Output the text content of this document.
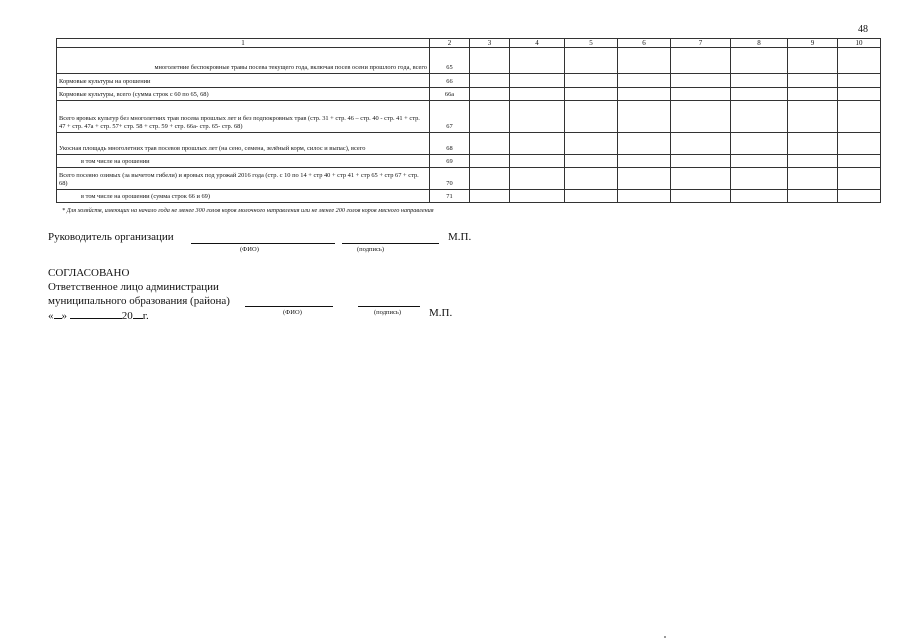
48
1	2	3	4	5	6	7	8	9	10
многолетние беспокровные травы посева текущего года, включая посев осени прошлого года, всего	65								
Кормовые культуры на орошении	66								
Кормовые культуры, всего (сумма строк с 60 по 65, 68)	66а								
Всего яровых культур без многолетних трав посева прошлых лет и без подпокровных трав (стр. 31 + стр. 46 – стр. 40 - стр. 41 + стр. 47 + стр. 47а + стр. 57+ стр. 58 + стр. 59 + стр. 66а- стр. 65- стр. 68)	67								
Укосная площадь многолетних трав посевов прошлых лет (на сено, семена, зелёный корм, силос и выпас), всего	68								
в том числе на орошении	69								
Всего посеяно озимых (за вычетом гибели) и яровых под урожай 2016 года (стр. с 10 по 14 + стр 40 + стр 41 + стр 65 + стр 67 + стр. 68)	70								
в том числе на орошении (сумма строк 66 и 69)	71								
* Для хозяйств, имеющих на начало года не менее 300 голов коров молочного направления или не менее 200 голов коров мясного направления
Руководитель организации	М.П.
(ФИО)	(подпись)
СОГЛАСОВАНО
Ответственное лицо администрации
муниципального образования (района)
« »	20 г.	(ФИО)	(подпись)	М.П.
